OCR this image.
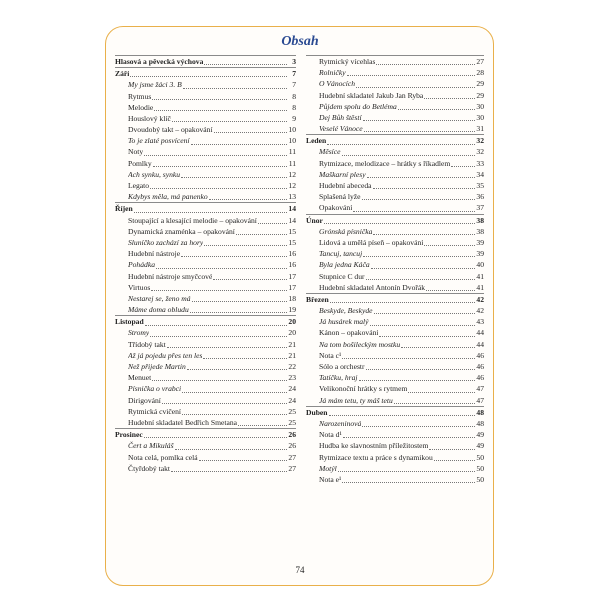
Obsah
Hlasová a pěvecká výchova	3
Září	7
My jsme žáci 3. B	7
Rytmus	8
Melodie	8
Houslový klíč	9
Dvoudobý takt – opakování	10
To je zlaté posvícení	10
Noty	11
Pomlky	11
Ach synku, synku	12
Legato	12
Kdybys měla, má panenko	13
Říjen	14
Stoupající a klesající melodie – opakování	14
Dynamická znaménka – opakování	15
Sluníčko zachází za hory	15
Hudební nástroje	16
Pohádka	16
Hudební nástroje smyčcové	17
Virtuos	17
Nestarej se, ženo má	18
Máme doma obludu	19
Listopad	20
Stromy	20
Třídobý takt	21
Až já pojedu přes ten les	21
Než přijede Martin	22
Menuet	23
Písnička o vrabci	24
Dirigování	24
Rytmická cvičení	25
Hudební skladatel Bedřich Smetana	25
Prosinec	26
Čert a Mikuláš	26
Nota celá, pomlka celá	27
Čtyřdobý takt	27
Rytmický vícehlas	27
Rolničky	28
O Vánocích	29
Hudební skladatel Jakub Jan Ryba	29
Půjdem spolu do Betléma	30
Dej Bůh štěstí	30
Veselé Vánoce	31
Leden	32
Měsíce	32
Rytmizace, melodizace – hrátky s říkadlem	33
Maškarní plesy	34
Hudební abeceda	35
Splašená lyže	36
Opakování	37
Únor	38
Grónská písnička	38
Lidová a umělá píseň – opakování	39
Tancuj, tancuj	39
Byla jedna Káča	40
Stupnice C dur	41
Hudební skladatel Antonín Dvořák	41
Březen	42
Beskyde, Beskyde	42
Já husárek malý	43
Kánon – opakování	44
Na tom bošileckým mostku	44
Nota c¹	46
Sólo a orchestr	46
Tatíčku, hraj	46
Velikonoční hrátky s rytmem	47
Já mám tetu, ty máš tetu	47
Duben	48
Narozeninová	48
Nota d¹	49
Hudba ke slavnostním příležitostem	49
Rytmizace textu a práce s dynamikou	50
Motýl	50
Nota e¹	50
74
